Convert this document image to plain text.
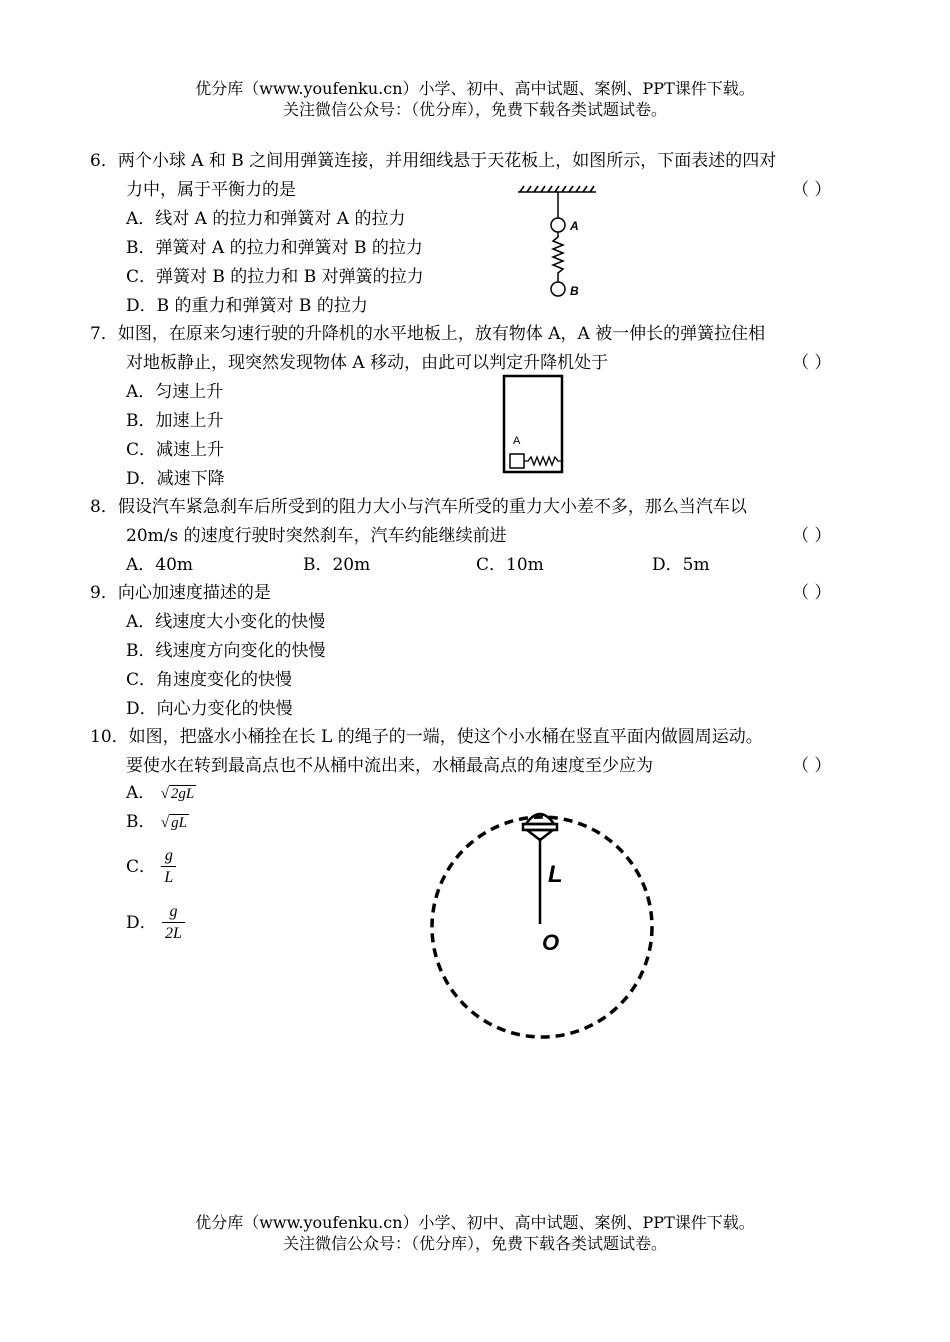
优分库（www.youfenku.cn）小学、初中、高中试题、案例、PPT课件下载。
关注微信公众号：（优分库），免费下载各类试题试卷。
6．两个小球 A 和 B 之间用弹簧连接，并用细线悬于天花板上，如图所示，下面表述的四对
力中，属于平衡力的是	（ ）
A．线对 A 的拉力和弹簧对 A 的拉力
B．弹簧对 A 的拉力和弹簧对 B 的拉力
C．弹簧对 B 的拉力和 B 对弹簧的拉力
D．B 的重力和弹簧对 B 的拉力
A
B
7．如图，在原来匀速行驶的升降机的水平地板上，放有物体 A，A 被一伸长的弹簧拉住相
对地板静止，现突然发现物体 A 移动，由此可以判定升降机处于	（ ）
A．匀速上升
B．加速上升
C．减速上升
D．减速下降
A
8．假设汽车紧急刹车后所受到的阻力大小与汽车所受的重力大小差不多，那么当汽车以
20m/s 的速度行驶时突然刹车，汽车约能继续前进	（ ）
A．40m	B．20m	C．10m	D．5m
9．向心加速度描述的是	（ ）
A．线速度大小变化的快慢
B．线速度方向变化的快慢
C．角速度变化的快慢
D．向心力变化的快慢
10．如图，把盛水小桶拴在长 L 的绳子的一端，使这个小水桶在竖直平面内做圆周运动。
要使水在转到最高点也不从桶中流出来，水桶最高点的角速度至少应为	（ ）
A． √ 2gL
B． √ gL
C． $\frac{g}{L}$
D． $\frac{g}{2L}$
L
O
优分库（www.youfenku.cn）小学、初中、高中试题、案例、PPT课件下载。
关注微信公众号：（优分库），免费下载各类试题试卷。
